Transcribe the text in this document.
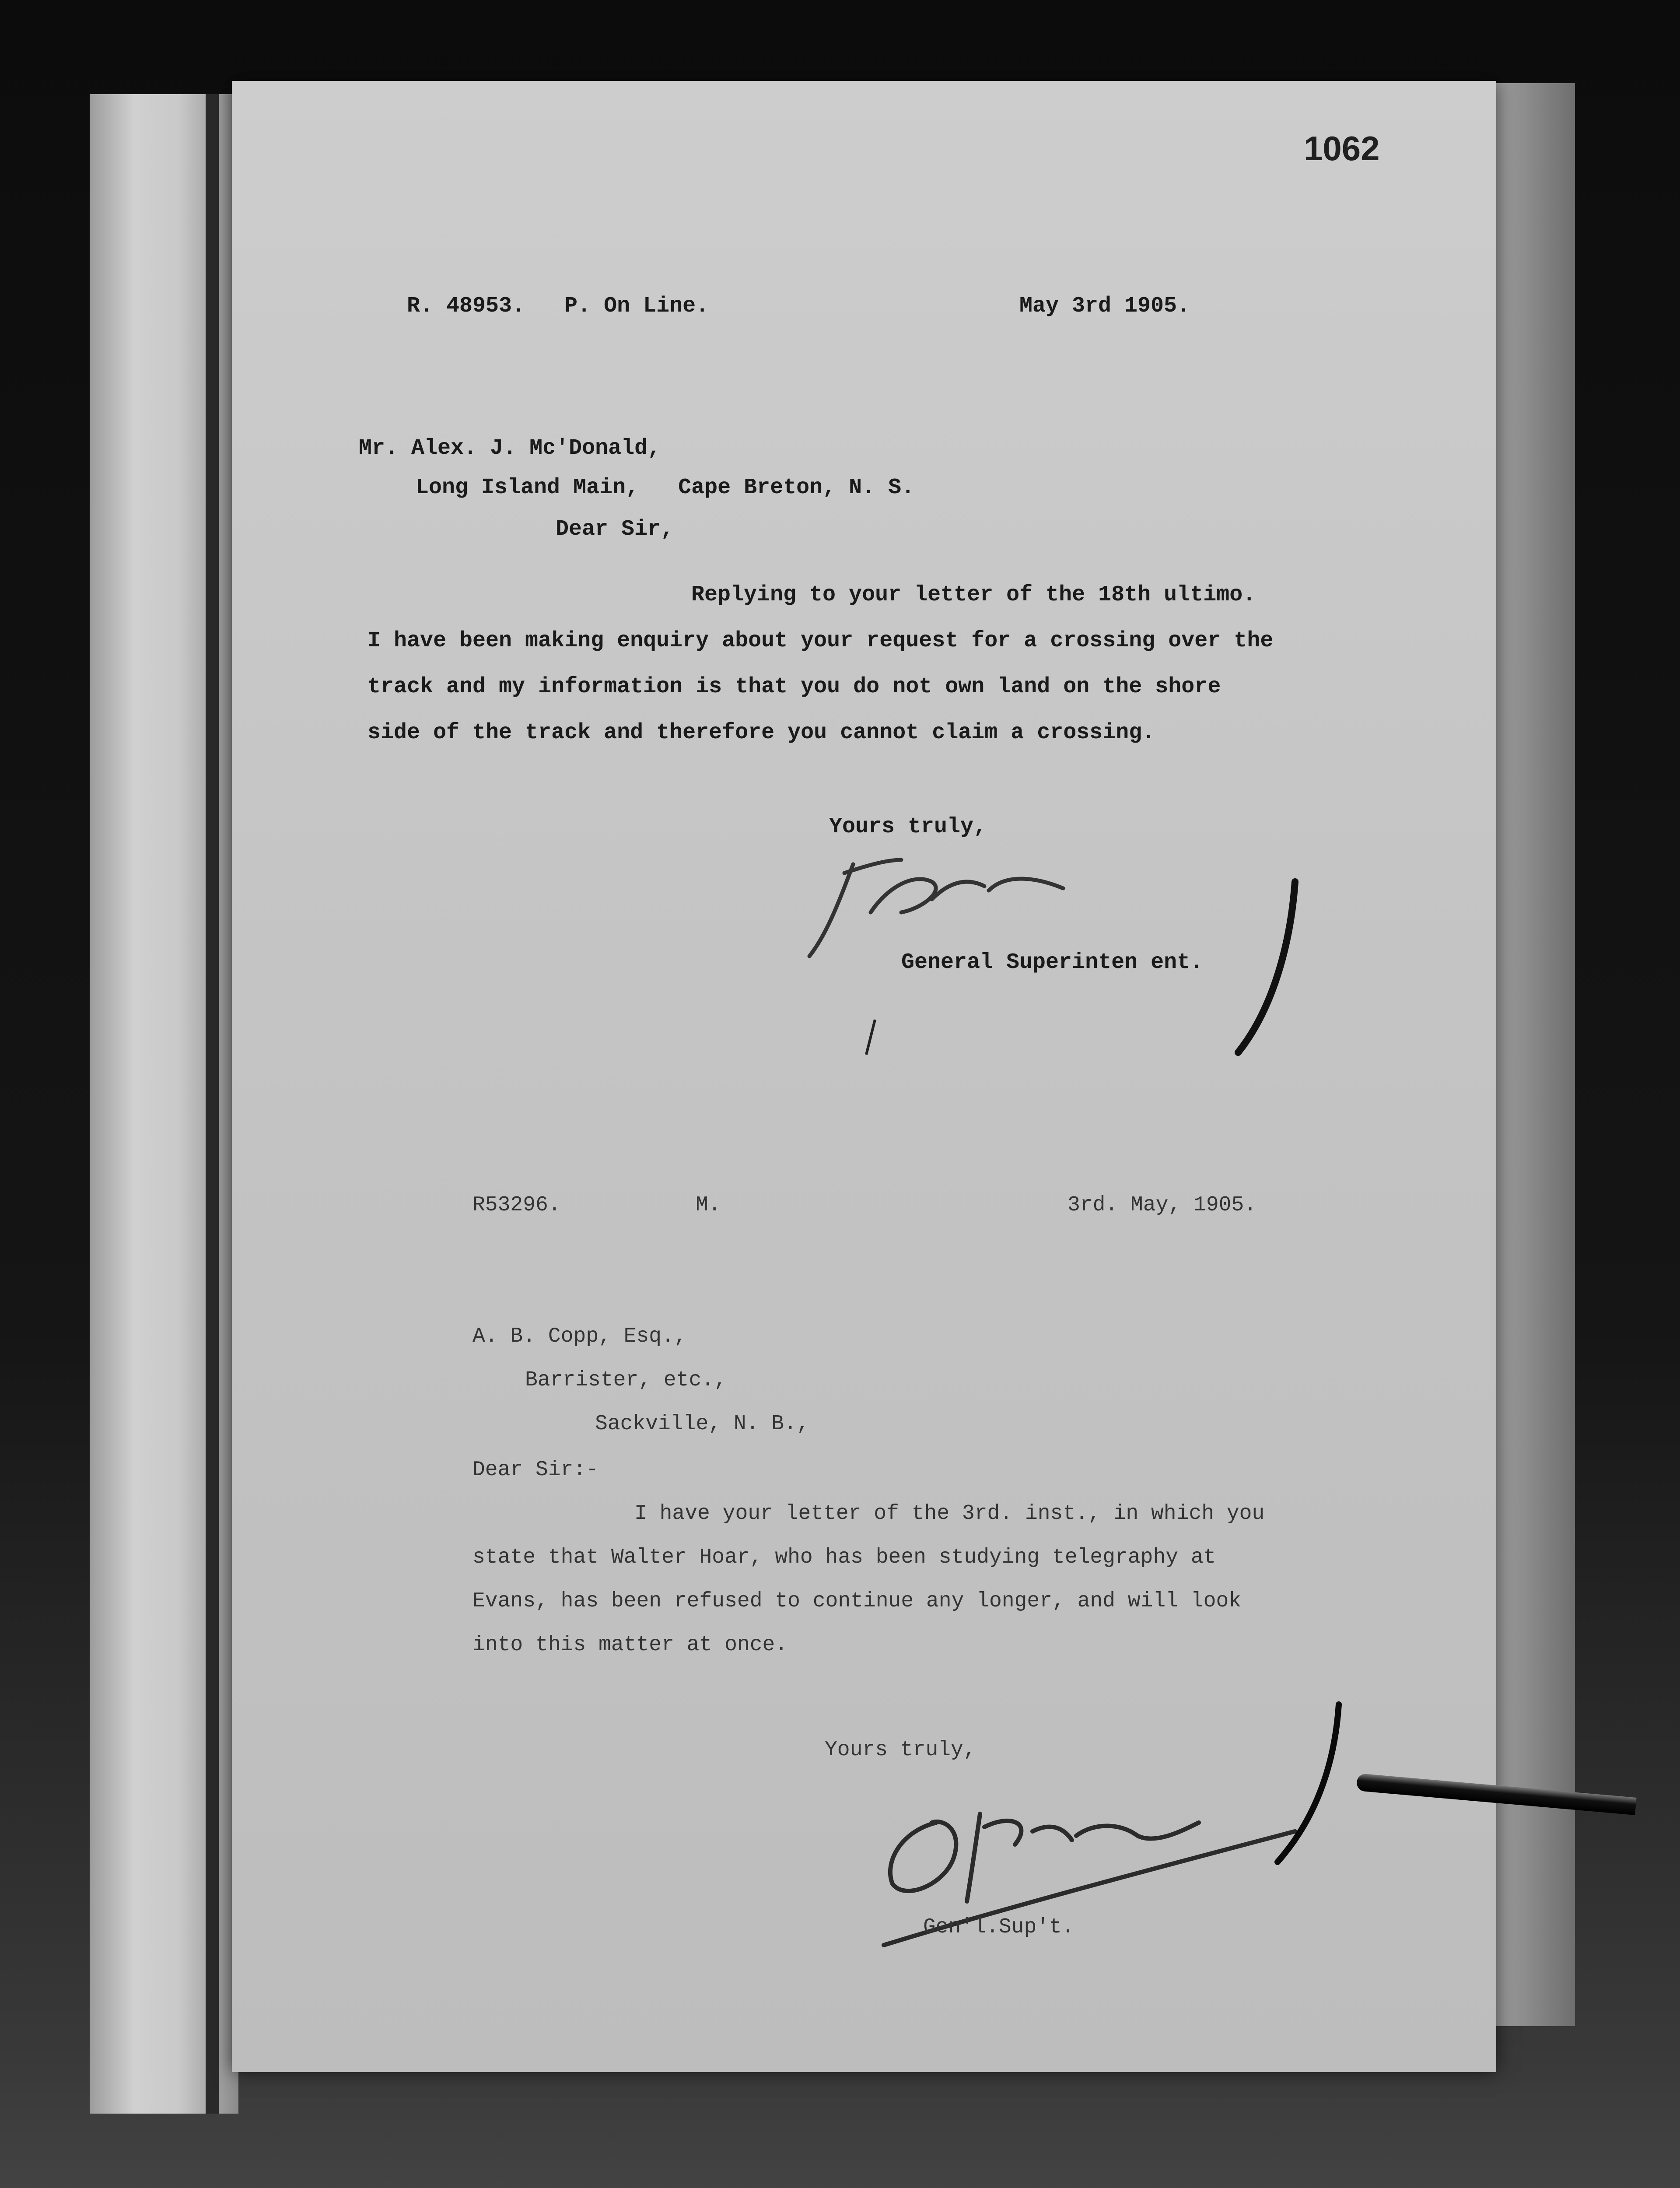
1062
R. 48953.   P. On Line.	May 3rd 1905.
Mr. Alex. J. Mc'Donald,
Long Island Main,   Cape Breton, N. S.
Dear Sir,
Replying to your letter of the 18th ultimo.
I have been making enquiry about your request for a crossing over the
track and my information is that you do not own land on the shore
side of the track and therefore you cannot claim a crossing.
Yours truly,
General Superinten ent.
R53296.	M.	3rd. May, 1905.
A. B. Copp, Esq.,
Barrister, etc.,
Sackville, N. B.,
Dear Sir:-
I have your letter of the 3rd. inst., in which you
state that Walter Hoar, who has been studying telegraphy at
Evans, has been refused to continue any longer, and will look
into this matter at once.
Yours truly,
Gen'l.Sup't.
